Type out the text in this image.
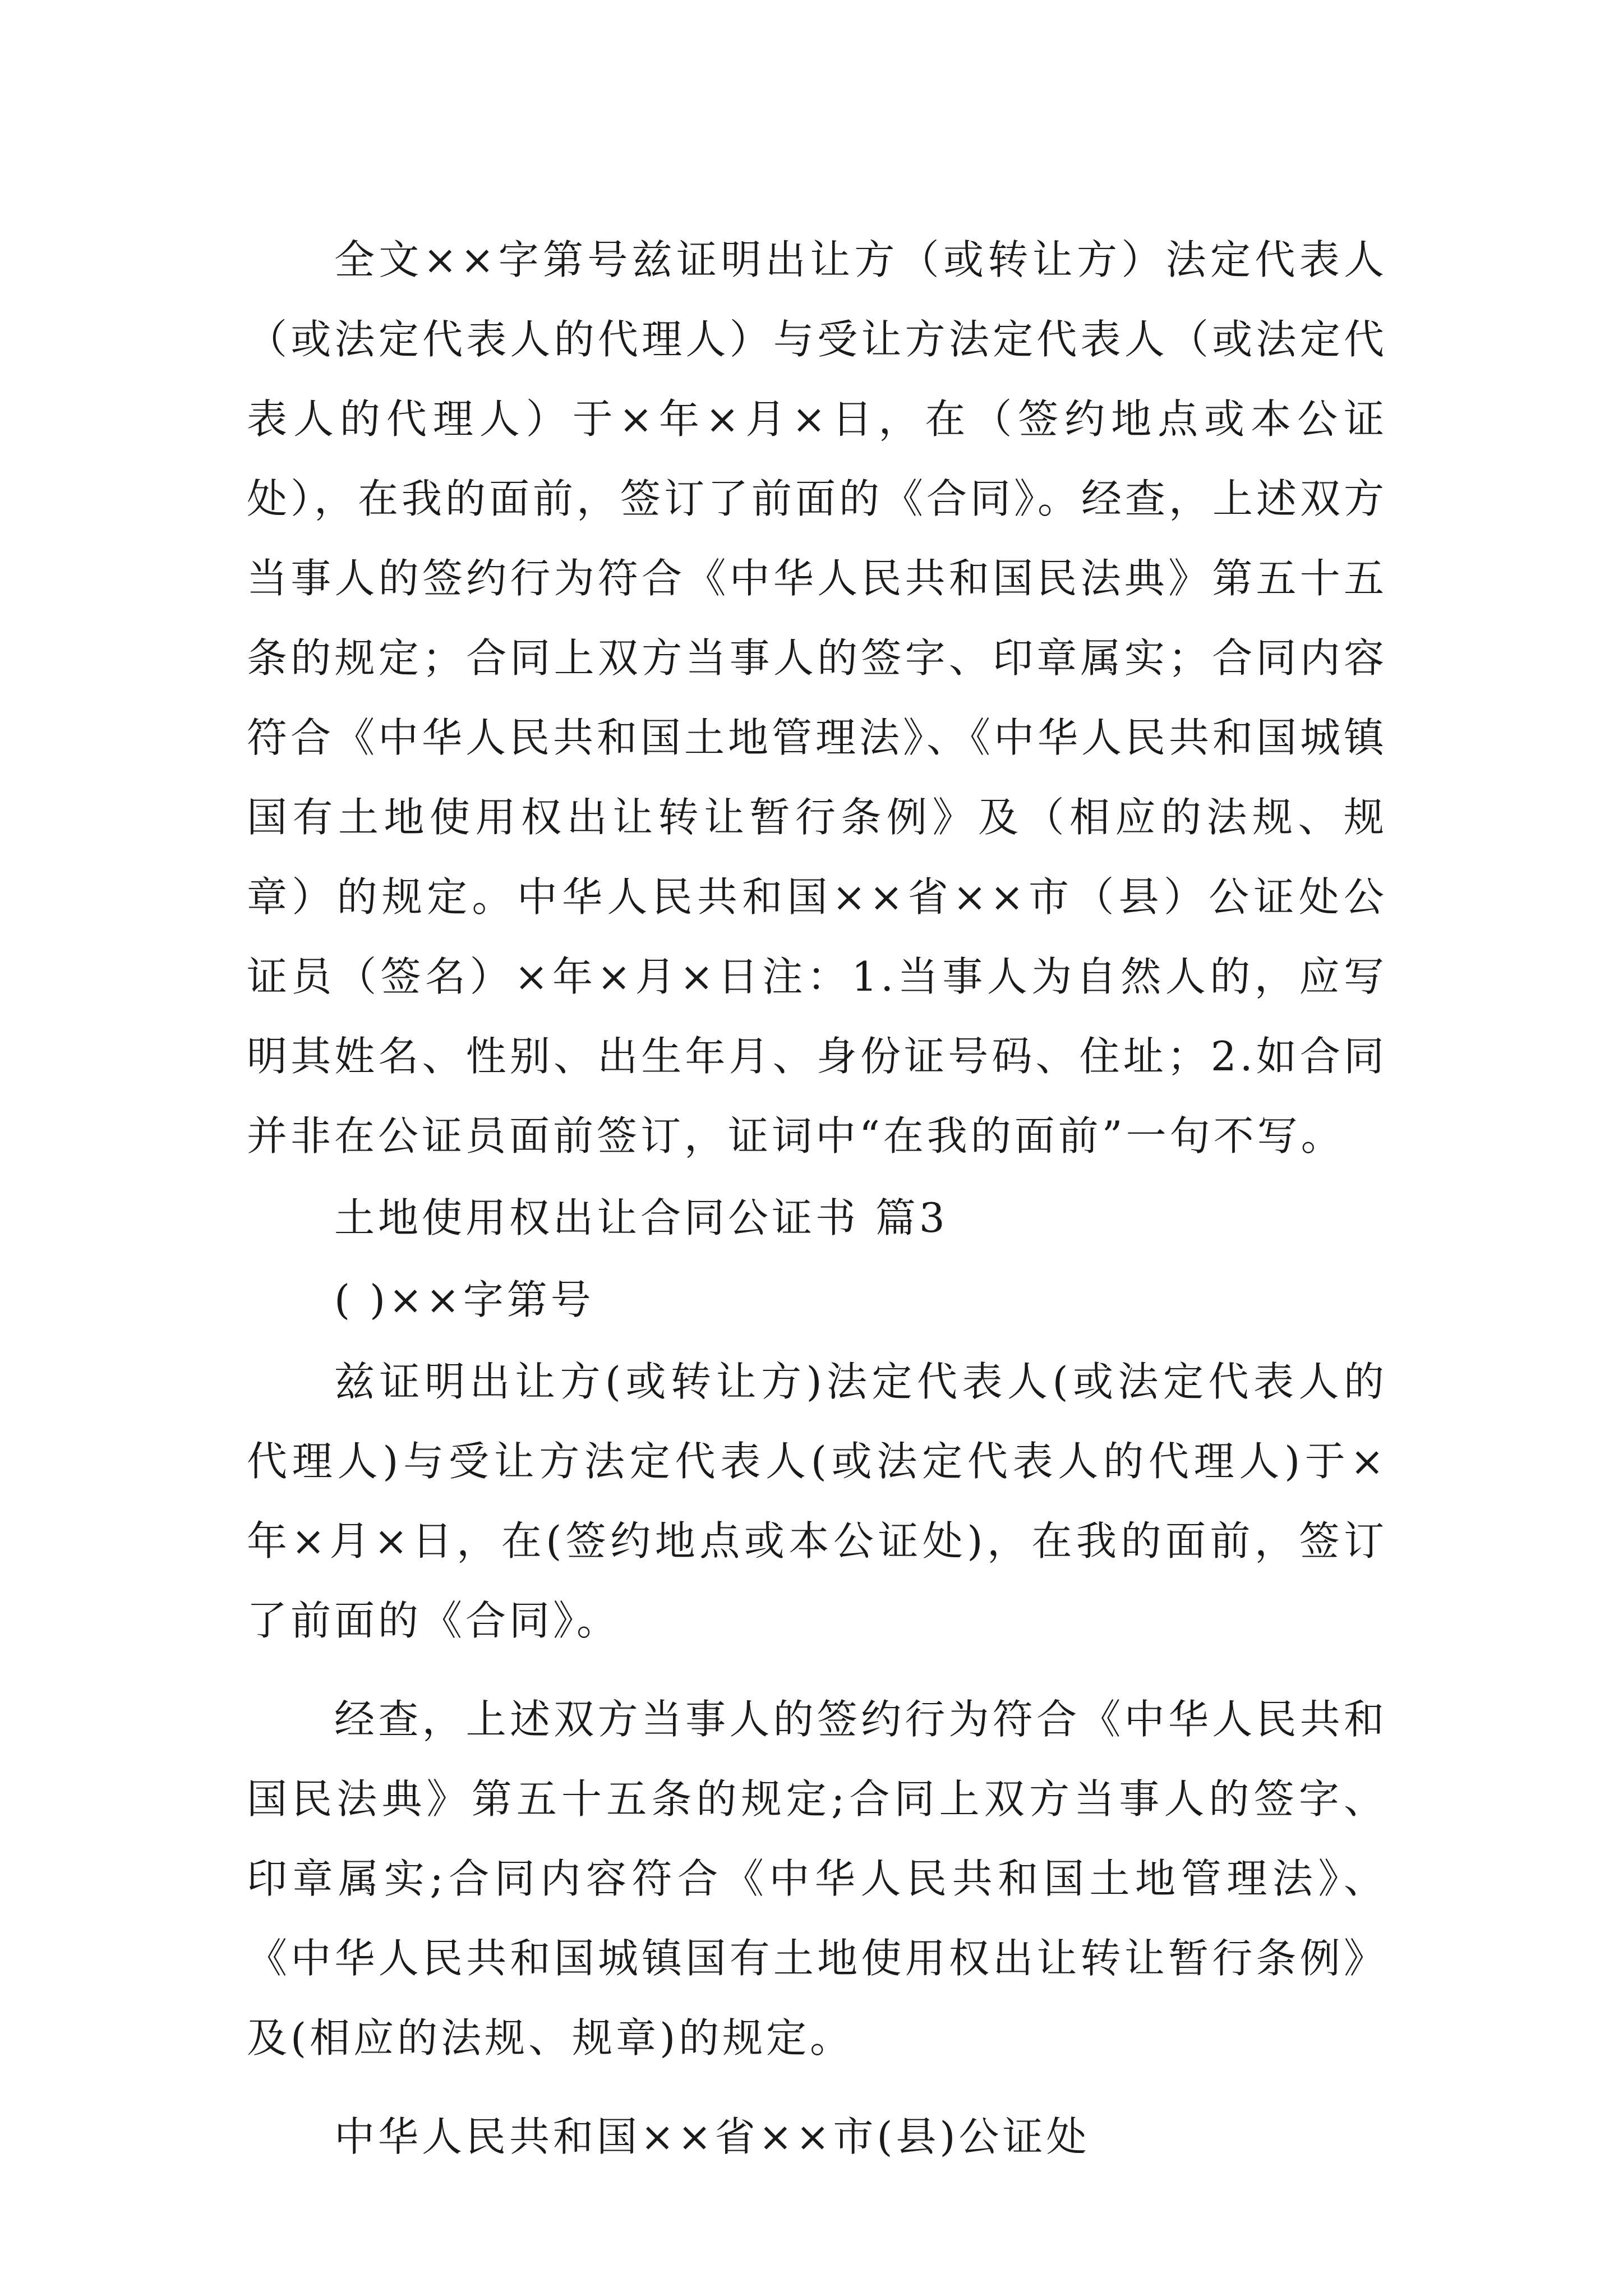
全文××字第号兹证明出让方（或转让方）法定代表人（或法定代表人的代理人）与受让方法定代表人（或法定代表人的代理人）于×年×月×日，在（签约地点或本公证处），在我的面前，签订了前面的《合同》。经查，上述双方当事人的签约行为符合《中华人民共和国民法典》第五十五条的规定；合同上双方当事人的签字、印章属实；合同内容符合《中华人民共和国土地管理法》、《中华人民共和国城镇国有土地使用权出让转让暂行条例》及（相应的法规、规章）的规定。中华人民共和国××省××市（县）公证处公证员（签名）×年×月×日注：1.当事人为自然人的，应写明其姓名、性别、出生年月、身份证号码、住址；2.如合同并非在公证员面前签订，证词中“在我的面前”一句不写。

土地使用权出让合同公证书 篇3

( )××字第号

兹证明出让方(或转让方)法定代表人(或法定代表人的代理人)与受让方法定代表人(或法定代表人的代理人)于×年×月×日，在(签约地点或本公证处)，在我的面前，签订了前面的《合同》。

经查，上述双方当事人的签约行为符合《中华人民共和国民法典》第五十五条的规定;合同上双方当事人的签字、印章属实;合同内容符合《中华人民共和国土地管理法》、《中华人民共和国城镇国有土地使用权出让转让暂行条例》及(相应的法规、规章)的规定。

中华人民共和国××省××市(县)公证处
